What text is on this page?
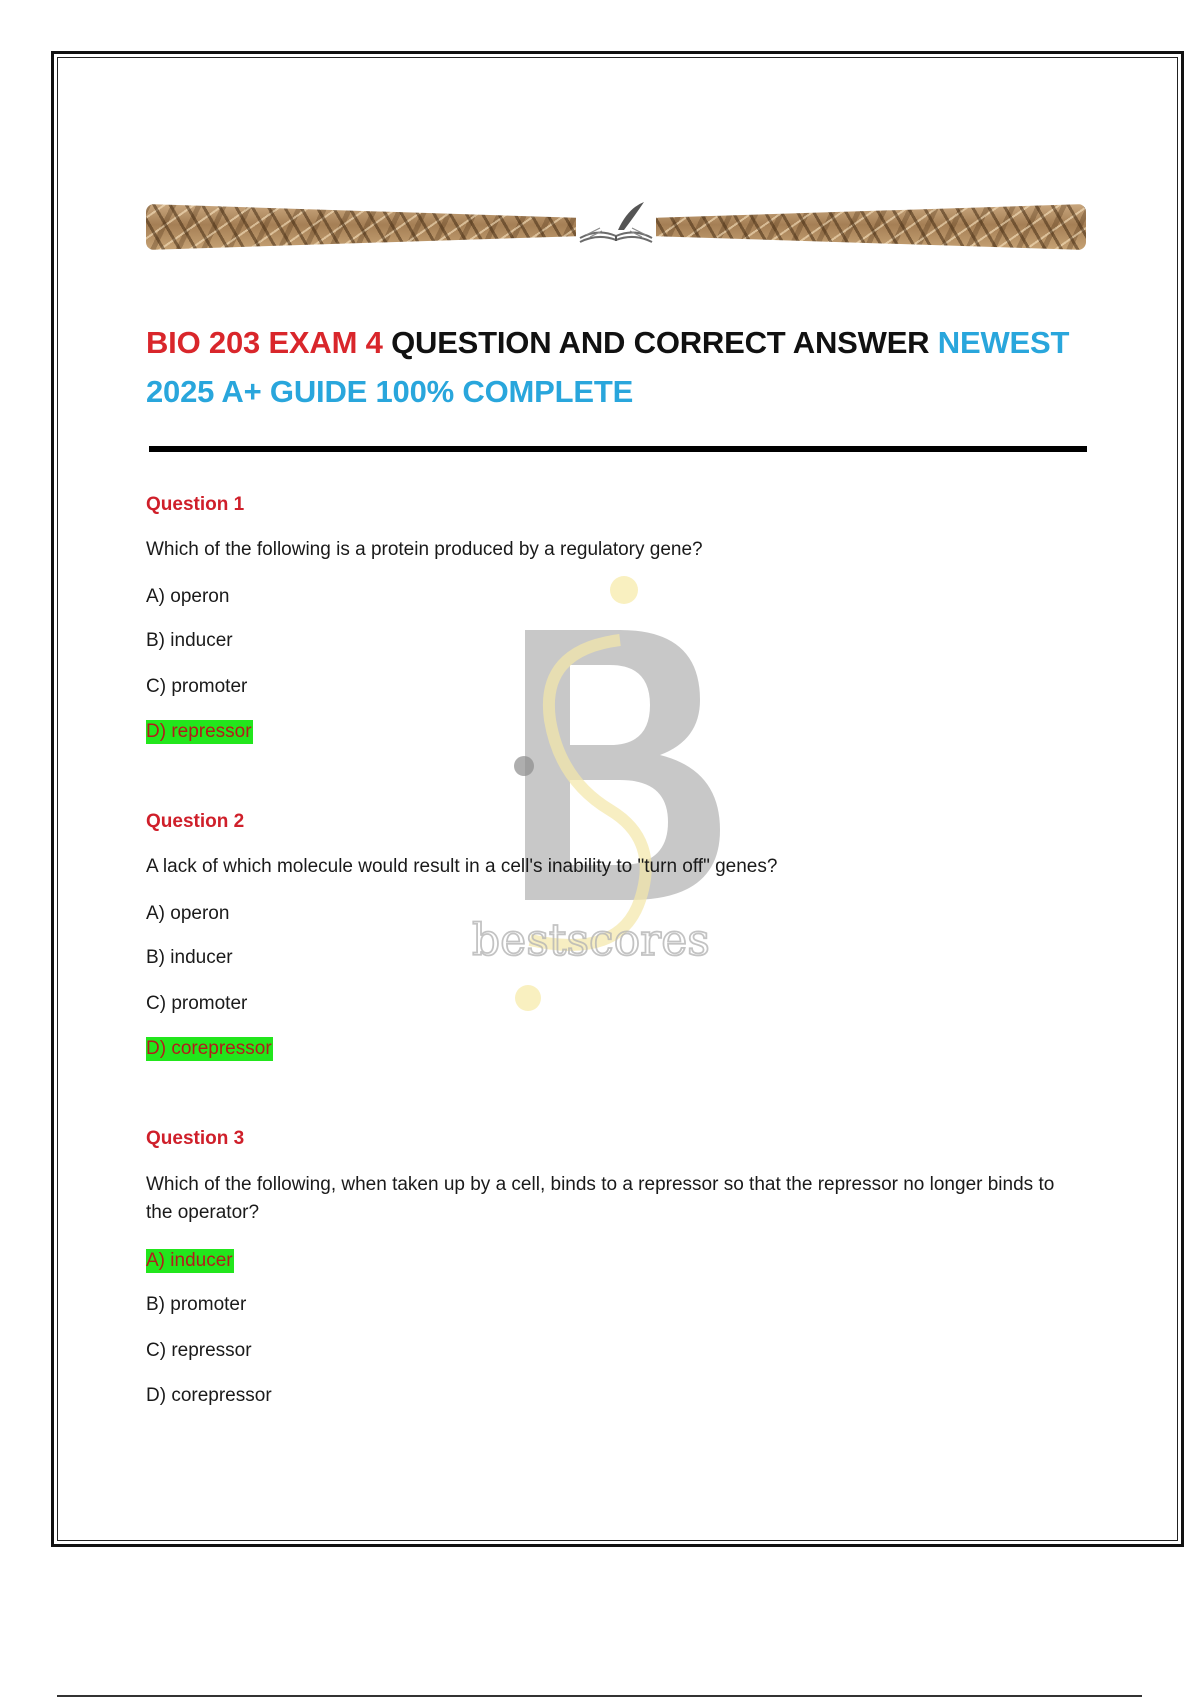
BIO 203 EXAM 4 QUESTION AND CORRECT ANSWER NEWEST
2025 A+ GUIDE 100% COMPLETE
bestscores

Question 1

Which of the following is a protein produced by a regulatory gene?

A) operon

B) inducer

C) promoter

D) repressor

Question 2

A lack of which molecule would result in a cell's inability to "turn off" genes?

A) operon

B) inducer

C) promoter

D) corepressor

Question 3

Which of the following, when taken up by a cell, binds to a repressor so that the repressor no longer binds to the operator?

A) inducer

B) promoter

C) repressor

D) corepressor
